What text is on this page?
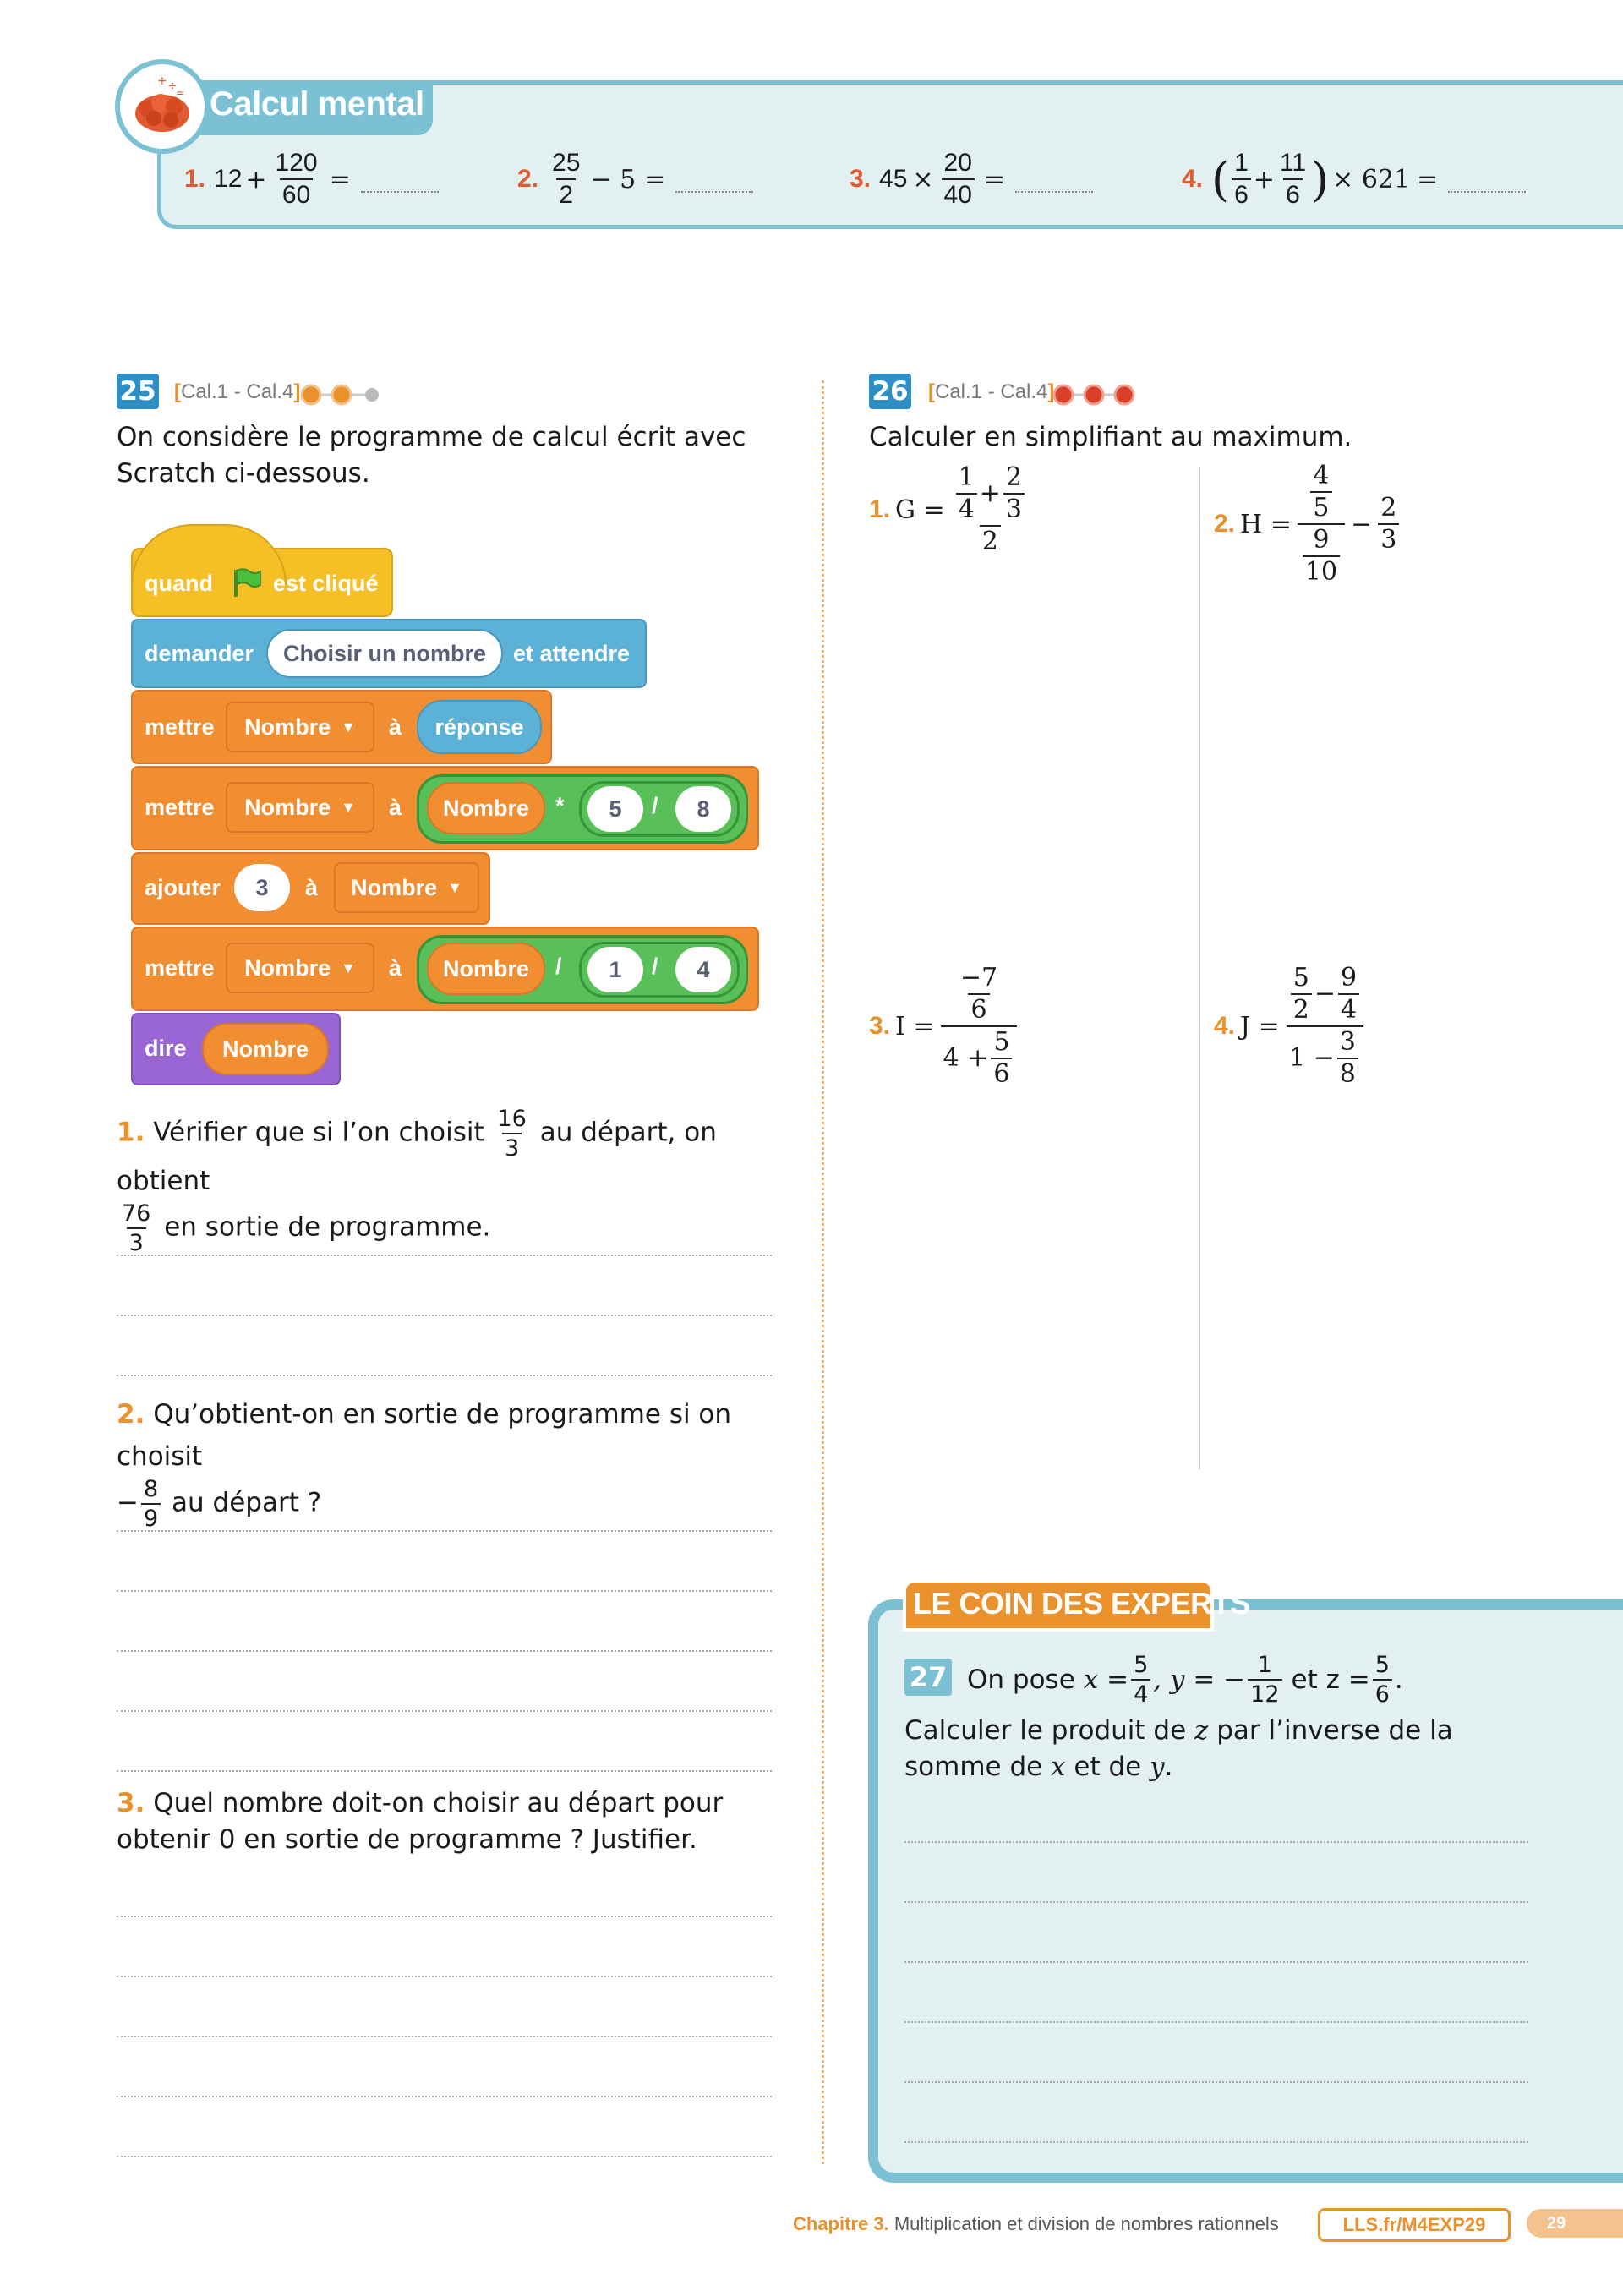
Calcul mental
+ ÷
=
1. $12 + \frac{120}{60}$ =	2. $\frac{25}{2} - 5$ =	3. $45 \times \frac{20}{40}$ =	4. ( $\frac{1}{6} + \frac{11}{6}$ ) × 621 =
25 [Cal.1 - Cal.4]
On considère le programme de calcul écrit avec Scratch ci-dessous.
quand	est cliqué
demander	Choisir un nombre	et attendre
mettre Nombre ▼ à	réponse
mettre Nombre ▼ à	Nombre	*	5	/	8
ajouter	3	à Nombre ▼
mettre Nombre ▼ à	Nombre	/	1	/	4
dire	Nombre
1. Vérifier que si l’on choisit $\frac{16}{3}$ au départ, on obtient

$\frac{76}{3}$ en sortie de programme.
2. Qu’obtient-on en sortie de programme si on choisit
− $\frac{8}{9}$ au départ ?
3. Quel nombre doit-on choisir au départ pour obtenir 0 en sortie de programme ? Justifier.
26 [Cal.1 - Cal.4]
Calculer en simplifiant au maximum.
1. $G = \frac{\frac{1}{4} + \frac{2}{3}}{2}$	2. $H = \frac{\frac{4}{5}}{\frac{9}{10}} - \frac{2}{3}$
3. $I = \frac{\frac{-7}{6}}{4 + \frac{5}{6}}$	4. $J = \frac{\frac{5}{2} - \frac{9}{4}}{1 - \frac{3}{8}}$
LE COIN DES EXPERTS
27 On pose $x = \frac{5}{4}$ , y = − $\frac{1}{12}$ et $z = \frac{5}{6}$ .
Calculer le produit de z par l’inverse de la somme de x et de y.
Chapitre 3. Multiplication et division de nombres rationnels	LLS.fr/M4EXP29	29
